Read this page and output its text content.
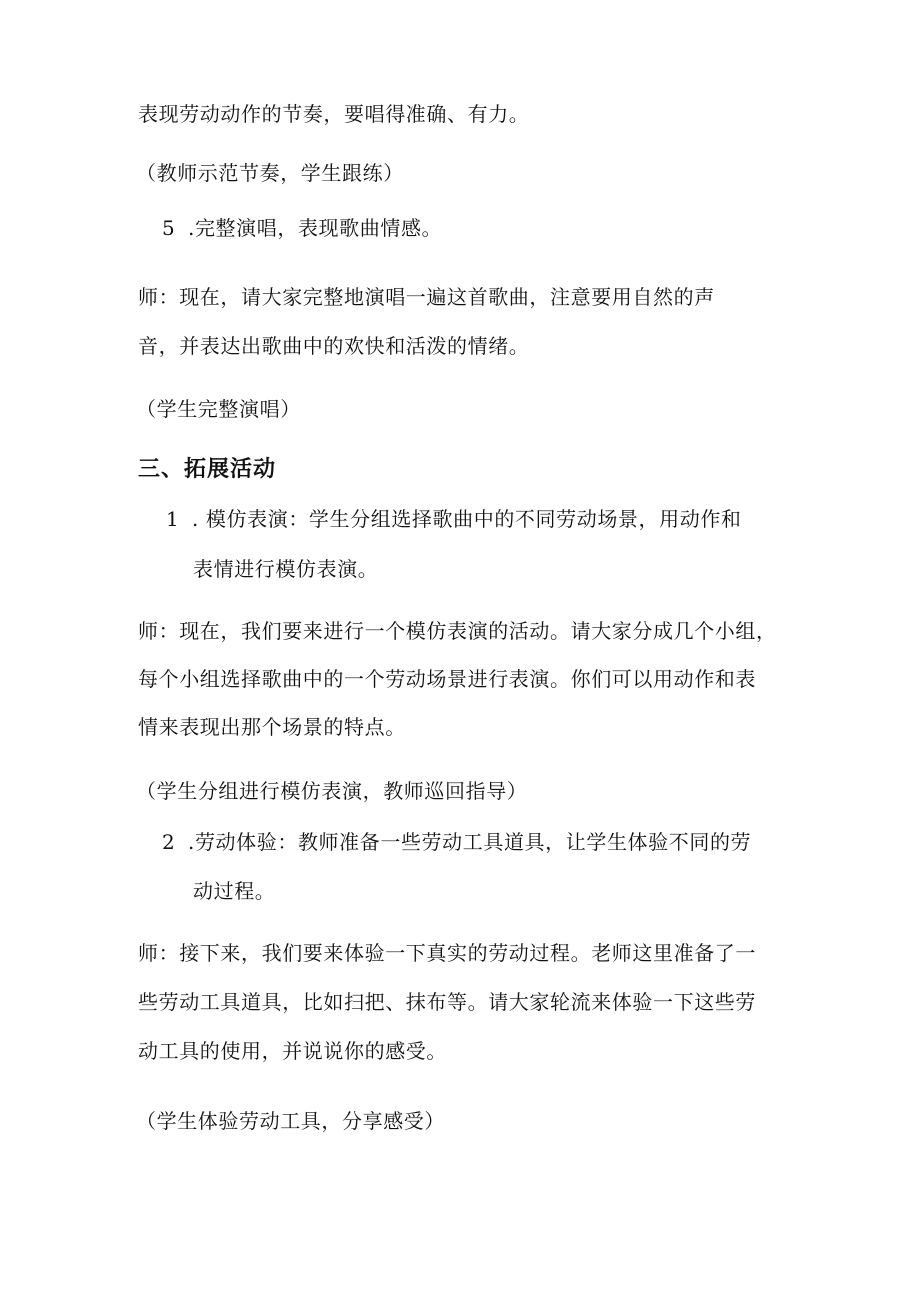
表现劳动动作的节奏，要唱得准确、有力。
（教师示范节奏，学生跟练）
5 .完整演唱，表现歌曲情感。
师：现在，请大家完整地演唱一遍这首歌曲，注意要用自然的声
音，并表达出歌曲中的欢快和活泼的情绪。
（学生完整演唱）
三、拓展活动
1 . 模仿表演：学生分组选择歌曲中的不同劳动场景，用动作和
表情进行模仿表演。
师：现在，我们要来进行一个模仿表演的活动。请大家分成几个小组，
每个小组选择歌曲中的一个劳动场景进行表演。你们可以用动作和表
情来表现出那个场景的特点。
（学生分组进行模仿表演，教师巡回指导）
2 .劳动体验：教师准备一些劳动工具道具，让学生体验不同的劳
动过程。
师：接下来，我们要来体验一下真实的劳动过程。老师这里准备了一
些劳动工具道具，比如扫把、抹布等。请大家轮流来体验一下这些劳
动工具的使用，并说说你的感受。
（学生体验劳动工具，分享感受）
